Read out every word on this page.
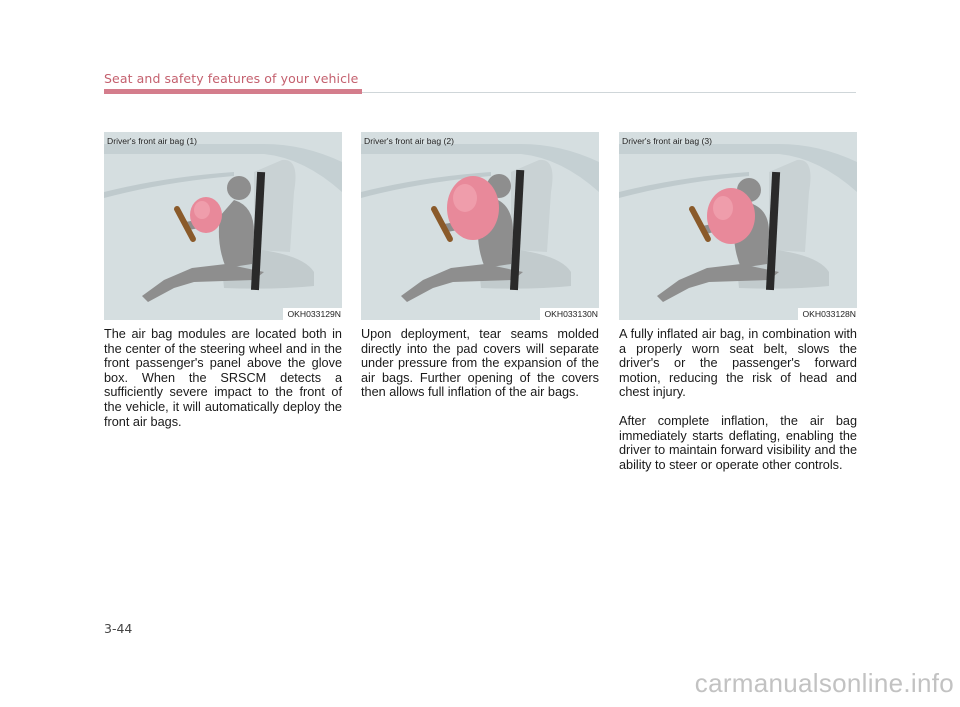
Seat and safety features of your vehicle
Driver's front air bag (1)
OKH033129N
Driver's front air bag (2)
OKH033130N
Driver's front air bag (3)
OKH033128N

The air bag modules are located both in the center of the steering wheel and in the front passenger's panel above the glove box. When the SRSCM detects a sufficiently severe impact to the front of the vehicle, it will automatically deploy the front air bags.

Upon deployment, tear seams molded directly into the pad covers will separate under pressure from the expansion of the air bags. Further opening of the covers then allows full inflation of the air bags.

A fully inflated air bag, in combination with a properly worn seat belt, slows the driver's or the passenger's forward motion, reducing the risk of head and chest injury.

After complete inflation, the air bag immediately starts deflating, enabling the driver to maintain forward visibility and the ability to steer or operate other controls.

3-44
carmanualsonline.info
